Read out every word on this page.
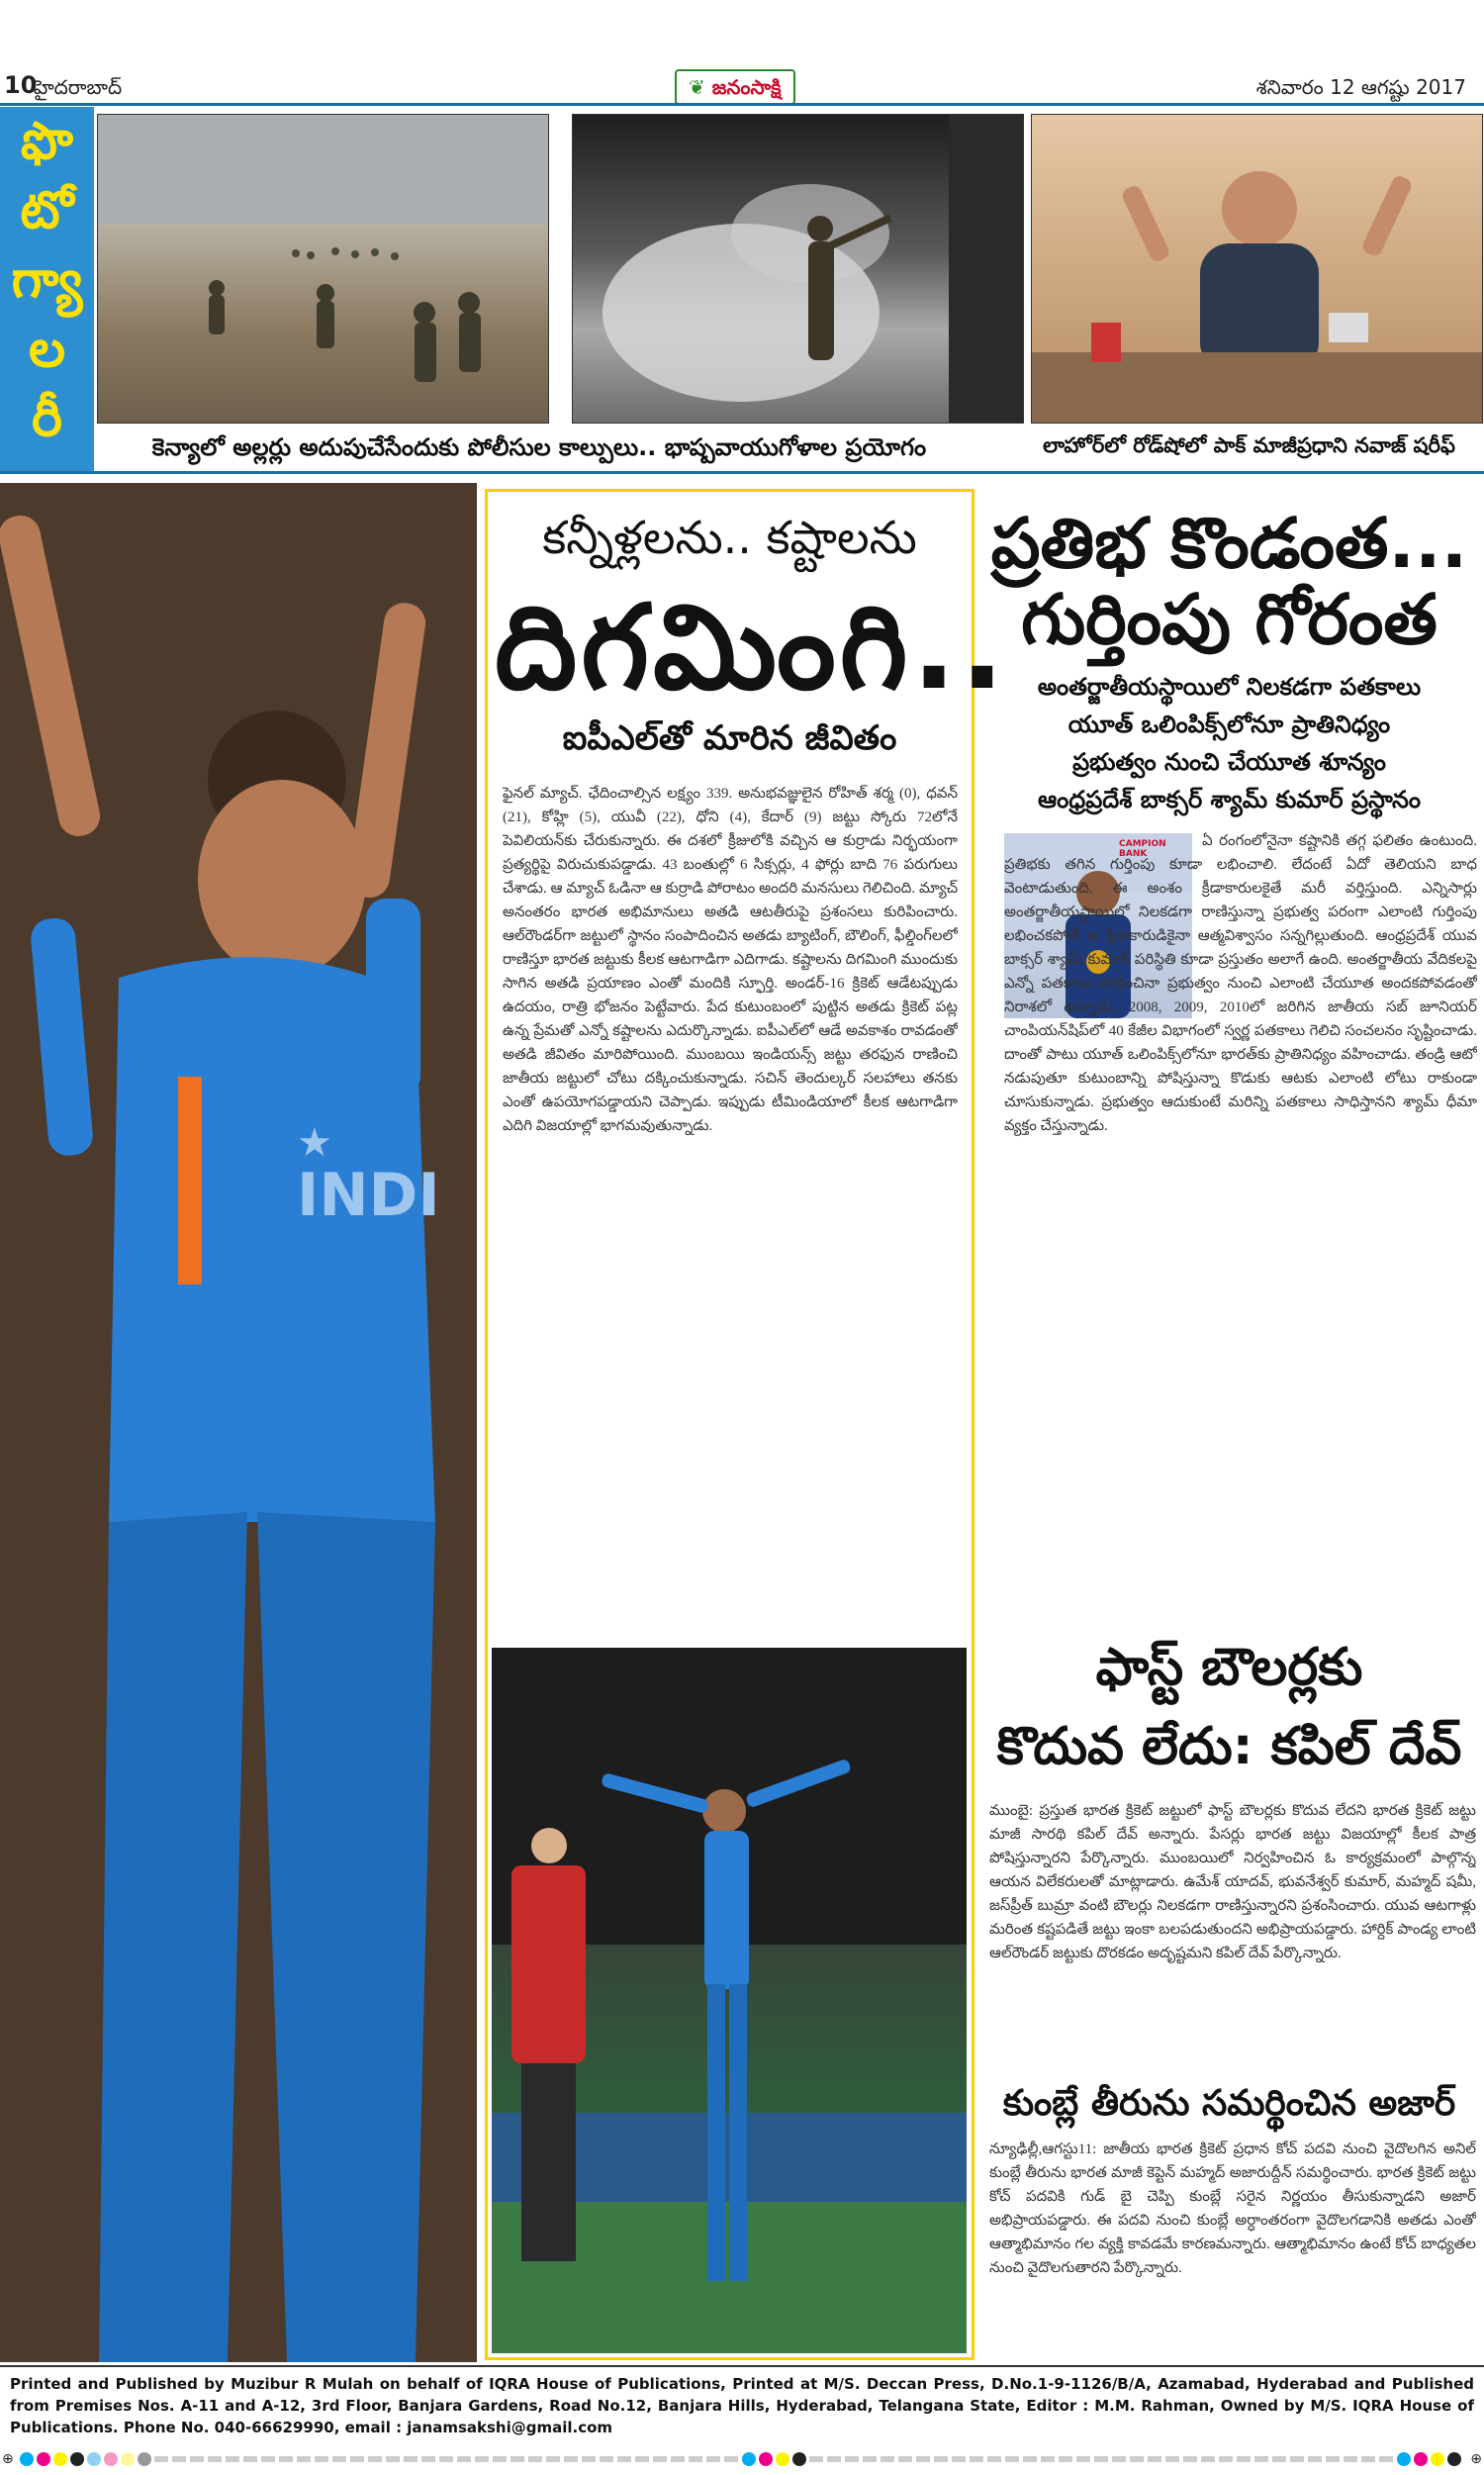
10
హైదరాబాద్	❦ జనంసాక్షి	శనివారం 12 ఆగష్టు 2017
ఫొ
టో
గ్యా
ల
రీ	కెన్యాలో అల్లర్లు అదుపుచేసేందుకు పోలీసుల కాల్పులు.. భాష్పవాయుగోళాల ప్రయోగం	లాహోర్‌లో రోడ్‌షోలో పాక్ మాజీప్రధాని నవాజ్ షరీఫ్
INDI
★
కన్నీళ్లలను.. కష్టాలను
దిగమింగి..
ఐపీఎల్‌తో మారిన జీవితం
ఫైనల్ మ్యాచ్. ఛేదించాల్సిన లక్ష్యం 339. అనుభవజ్ఞులైన రోహిత్ శర్మ (0), ధవన్ (21), కోహ్లి (5), యువీ (22), ధోని (4), కేదార్ (9) జట్టు స్కోరు 72లోనే పెవిలియన్‌కు చేరుకున్నారు. ఈ దశలో క్రీజులోకి వచ్చిన ఆ కుర్రాడు నిర్భయంగా ప్రత్యర్థిపై విరుచుకుపడ్డాడు. 43 బంతుల్లో 6 సిక్సర్లు, 4 ఫోర్లు బాది 76 పరుగులు చేశాడు. ఆ మ్యాచ్ ఓడినా ఆ కుర్రాడి పోరాటం అందరి మనసులు గెలిచింది. మ్యాచ్ అనంతరం భారత అభిమానులు అతడి ఆటతీరుపై ప్రశంసలు కురిపించారు. ఆల్‌రౌండర్‌గా జట్టులో స్థానం సంపాదించిన అతడు బ్యాటింగ్, బౌలింగ్, ఫీల్డింగ్‌లలో రాణిస్తూ భారత జట్టుకు కీలక ఆటగాడిగా ఎదిగాడు. కష్టాలను దిగమింగి ముందుకు సాగిన అతడి ప్రయాణం ఎంతో మందికి స్ఫూర్తి. అండర్-16 క్రికెట్ ఆడేటప్పుడు ఉదయం, రాత్రి భోజనం పెట్టేవారు. పేద కుటుంబంలో పుట్టిన అతడు క్రికెట్ పట్ల ఉన్న ప్రేమతో ఎన్నో కష్టాలను ఎదుర్కొన్నాడు. ఐపీఎల్‌లో ఆడే అవకాశం రావడంతో అతడి జీవితం మారిపోయింది. ముంబయి ఇండియన్స్ జట్టు తరఫున రాణించి జాతీయ జట్టులో చోటు దక్కించుకున్నాడు. సచిన్ తెందుల్కర్ సలహాలు తనకు ఎంతో ఉపయోగపడ్డాయని చెప్పాడు. ఇప్పుడు టీమిండియాలో కీలక ఆటగాడిగా ఎదిగి విజయాల్లో భాగమవుతున్నాడు.
ప్రతిభ కొండంత...
గుర్తింపు గోరంత
అంతర్జాతీయస్థాయిలో నిలకడగా పతకాలు
యూత్ ఒలింపిక్స్‌లోనూ ప్రాతినిధ్యం
ప్రభుత్వం నుంచి చేయూత శూన్యం
ఆంధ్రప్రదేశ్ బాక్సర్ శ్యామ్ కుమార్ ప్రస్థానం
CAMPION BANK
ఏ రంగంలోనైనా కష్టానికి తగ్గ ఫలితం ఉంటుంది. ప్రతిభకు తగిన గుర్తింపు కూడా లభించాలి. లేదంటే ఏదో తెలియని బాధ వెంటాడుతుంది. ఈ అంశం క్రీడాకారులకైతే మరీ వర్తిస్తుంది. ఎన్నిసార్లు అంతర్జాతీయస్థాయిలో నిలకడగా రాణిస్తున్నా ప్రభుత్వ పరంగా ఎలాంటి గుర్తింపు లభించకపోతే ఆ క్రీడాకారుడికైనా ఆత్మవిశ్వాసం సన్నగిల్లుతుంది. ఆంధ్రప్రదేశ్ యువ బాక్సర్ శ్యామ్ కుమార్ పరిస్థితి కూడా ప్రస్తుతం అలాగే ఉంది. అంతర్జాతీయ వేదికలపై ఎన్నో పతకాలు సాధించినా ప్రభుత్వం నుంచి ఎలాంటి చేయూత అందకపోవడంతో నిరాశలో ఉన్నాడు. 2008, 2009, 2010లో జరిగిన జాతీయ సబ్ జూనియర్ చాంపియన్‌షిప్‌లో 40 కేజీల విభాగంలో స్వర్ణ పతకాలు గెలిచి సంచలనం సృష్టించాడు. దాంతో పాటు యూత్ ఒలింపిక్స్‌లోనూ భారత్‌కు ప్రాతినిధ్యం వహించాడు. తండ్రి ఆటో నడుపుతూ కుటుంబాన్ని పోషిస్తున్నా కొడుకు ఆటకు ఎలాంటి లోటు రాకుండా చూసుకున్నాడు. ప్రభుత్వం ఆదుకుంటే మరిన్ని పతకాలు సాధిస్తానని శ్యామ్ ధీమా వ్యక్తం చేస్తున్నాడు.
ఫాస్ట్ బౌలర్లకు
కొదువ లేదు: కపిల్ దేవ్
ముంబై: ప్రస్తుత భారత క్రికెట్ జట్టులో ఫాస్ట్ బౌలర్లకు కొదువ లేదని భారత క్రికెట్ జట్టు మాజీ సారథి కపిల్ దేవ్ అన్నారు. పేసర్లు భారత జట్టు విజయాల్లో కీలక పాత్ర పోషిస్తున్నారని పేర్కొన్నారు. ముంబయిలో నిర్వహించిన ఓ కార్యక్రమంలో పాల్గొన్న ఆయన విలేకరులతో మాట్లాడారు. ఉమేశ్ యాదవ్, భువనేశ్వర్ కుమార్, మహ్మద్ షమీ, జస్‌ప్రీత్ బుమ్రా వంటి బౌలర్లు నిలకడగా రాణిస్తున్నారని ప్రశంసించారు. యువ ఆటగాళ్లు మరింత కష్టపడితే జట్టు ఇంకా బలపడుతుందని అభిప్రాయపడ్డారు. హార్దిక్ పాండ్య లాంటి ఆల్‌రౌండర్ జట్టుకు దొరకడం అదృష్టమని కపిల్ దేవ్ పేర్కొన్నారు.
కుంబ్లే తీరును సమర్థించిన అజార్
న్యూఢిల్లీ,ఆగస్టు11: జాతీయ భారత క్రికెట్ ప్రధాన కోచ్ పదవి నుంచి వైదొలగిన అనిల్ కుంబ్లే తీరును భారత మాజీ కెప్టెన్ మహ్మద్ అజారుద్దీన్ సమర్థించారు. భారత క్రికెట్ జట్టు కోచ్ పదవికి గుడ్ బై చెప్పి కుంబ్లే సరైన నిర్ణయం తీసుకున్నాడని అజార్ అభిప్రాయపడ్డారు. ఈ పదవి నుంచి కుంబ్లే అర్ధాంతరంగా వైదొలగడానికి అతడు ఎంతో ఆత్మాభిమానం గల వ్యక్తి కావడమే కారణమన్నారు. ఆత్మాభిమానం ఉంటే కోచ్ బాధ్యతల నుంచి వైదొలగుతారని పేర్కొన్నారు.
Printed and Published by Muzibur R Mulah on behalf of IQRA House of Publications, Printed at M/S. Deccan Press, D.No.1-9-1126/B/A, Azamabad, Hyderabad and Published from Premises Nos. A-11 and A-12, 3rd Floor, Banjara Gardens, Road No.12, Banjara Hills, Hyderabad, Telangana State, Editor : M.M. Rahman, Owned by M/S. IQRA House of Publications. Phone No. 040-66629990, email : janamsakshi@gmail.com
⊕	⊕
